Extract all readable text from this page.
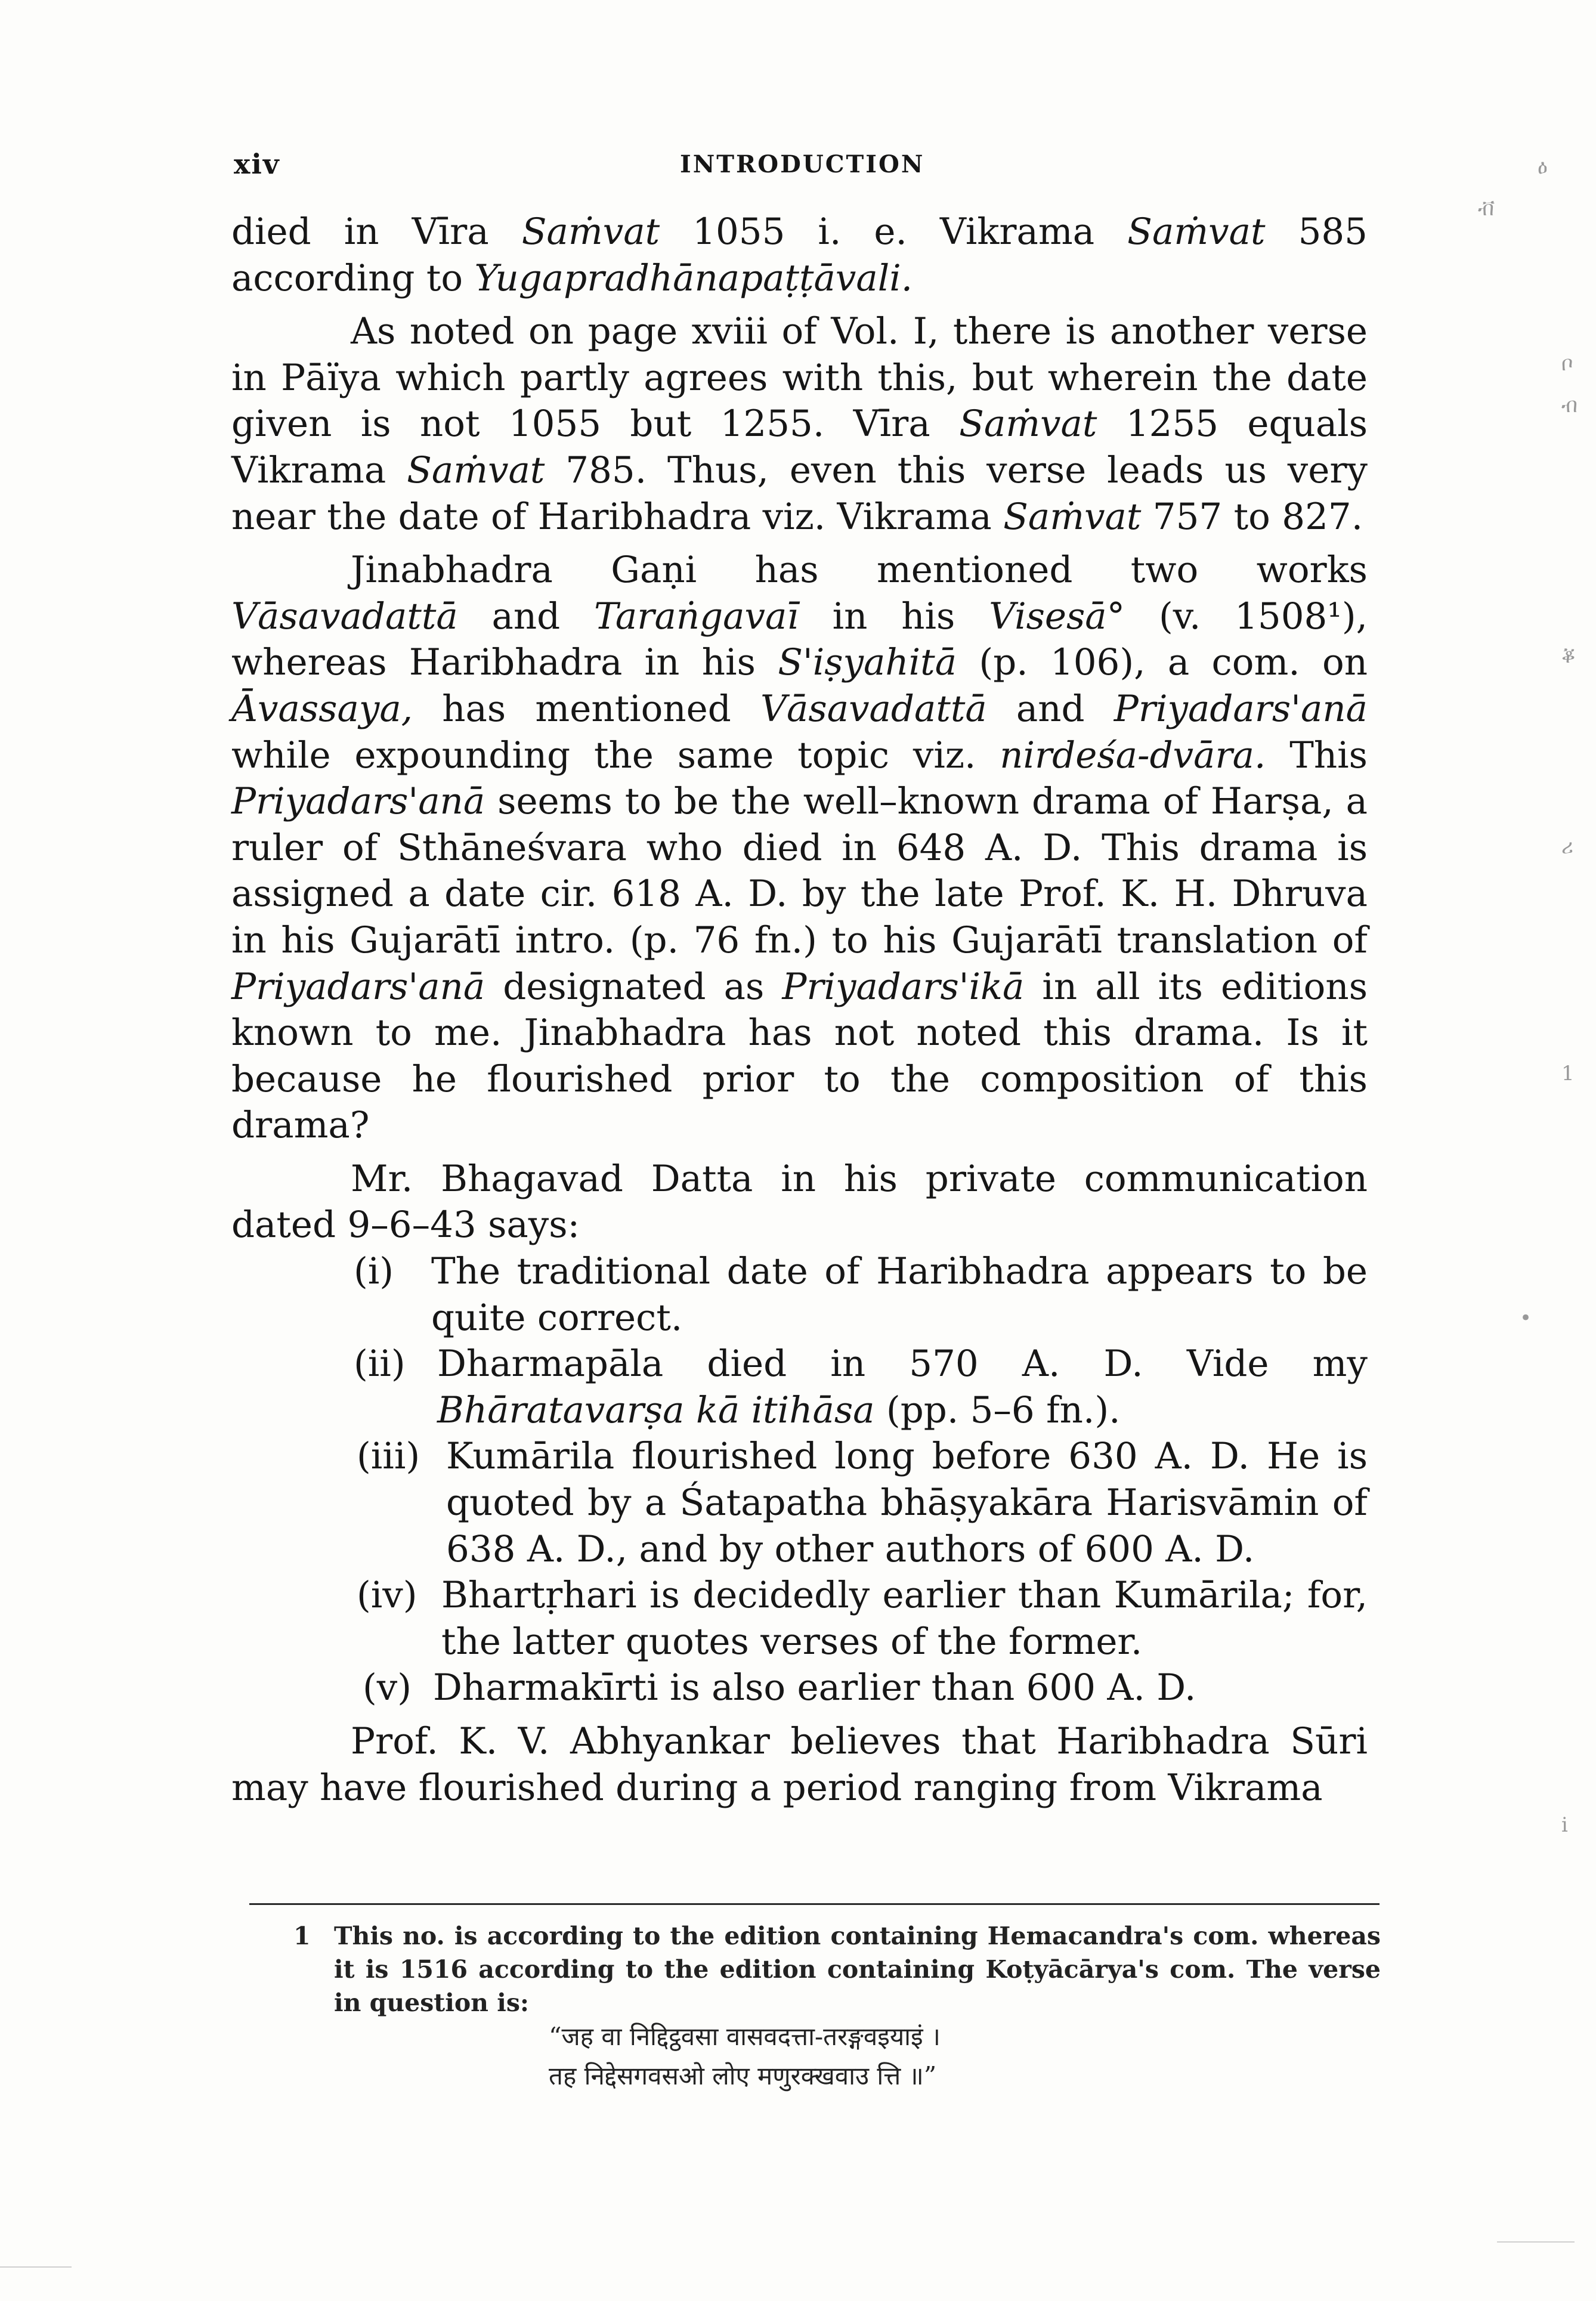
xiv	INTRODUCTION

died in Vīra Saṁvat 1055 i. e. Vikrama Saṁvat 585 according to Yugapradhānapaṭṭāvali.

As noted on page xviii of Vol. I, there is another verse in Pāïya which partly agrees with this, but wherein the date given is not 1055 but 1255. Vīra Saṁvat 1255 equals Vikrama Saṁvat 785. Thus, even this verse leads us very near the date of Haribhadra viz. Vikrama Saṁvat 757 to 827.

Jinabhadra Gaṇi has mentioned two works Vāsavadattā and Taraṅgavaī in his Visesā° (v. 1508¹), whereas Haribhadra in his S'iṣyahitā (p. 106), a com. on Āvassaya, has mentioned Vāsavadattā and Priyadars'anā while expounding the same topic viz. nirdeśa-dvāra. This Priyadars'anā seems to be the well–known drama of Harṣa, a ruler of Sthāneśvara who died in 648 A. D. This drama is assigned a date cir. 618 A. D. by the late Prof. K. H. Dhruva in his Gujarātī intro. (p. 76 fn.) to his Gujarātī translation of Priyadars'anā designated as Priyadars'ikā in all its editions known to me. Jinabhadra has not noted this drama. Is it because he flourished prior to the composition of this drama?

Mr. Bhagavad Datta in his private communication dated 9–6–43 says:

(i)	The traditional date of Haribhadra appears to be quite correct.
(ii) Dharmapāla died in 570 A. D. Vide my Bhāratavarṣa kā itihāsa (pp. 5–6 fn.).
(iii) Kumārila flourished long before 630 A. D. He is quoted by a Śatapatha bhāṣyakāra Harisvāmin of 638 A. D., and by other authors of 600 A. D.
(iv) Bhartṛhari is decidedly earlier than Kumārila; for, the latter quotes verses of the former.
(v) Dharmakīrti is also earlier than 600 A. D.

Prof. K. V. Abhyankar believes that Haribhadra Sūri may have flourished during a period ranging from Vikrama

1 This no. is according to the edition containing Hemacandra's com. whereas it is 1516 according to the edition containing Koṭyācārya's com. The verse in question is:

“जह वा निद्दिट्ठवसा वासवदत्ता-तरङ्गवइयाइं ।

तह निद्देसगवसओ लोए मणुरक्खवाउ त्ति ॥”

ቭ
ዕ
ቦ
ብ
ቖ
ሪ
1
•
i
